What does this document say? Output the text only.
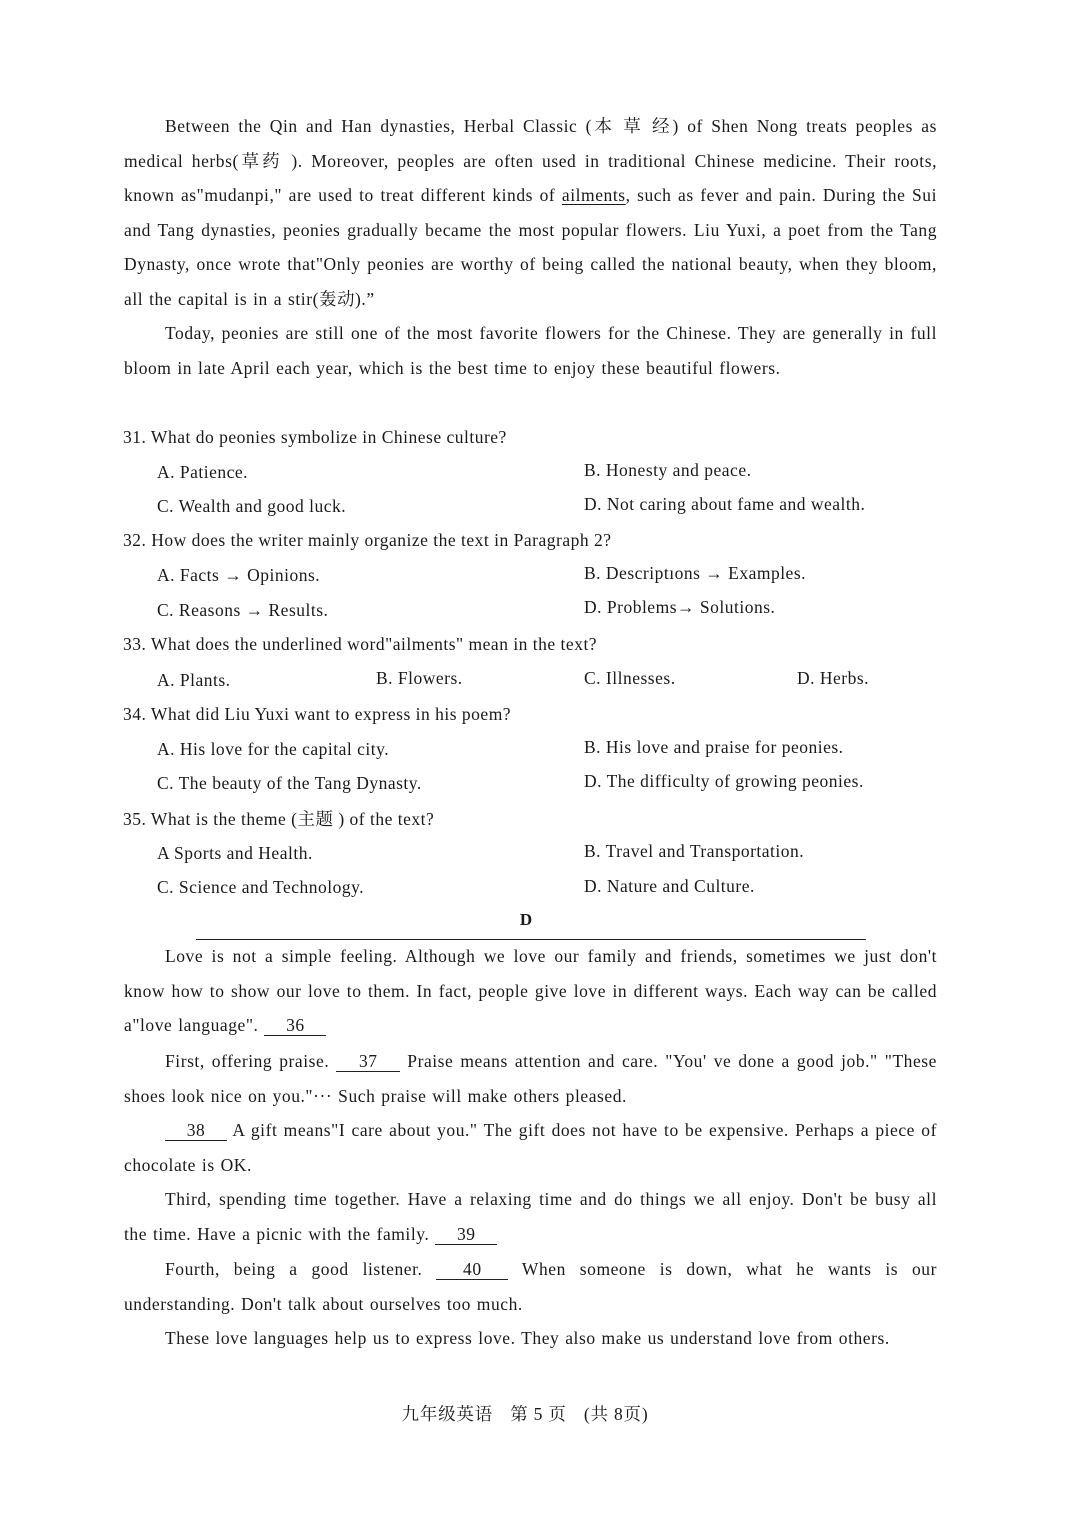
Between the Qin and Han dynasties, Herbal Classic (本 草 经) of Shen Nong treats peoples as medical herbs(草药 ). Moreover, peoples are often used in traditional Chinese medicine. Their roots, known as"mudanpi," are used to treat different kinds of ailments, such as fever and pain. During the Sui and Tang dynasties, peonies gradually became the most popular flowers. Liu Yuxi, a poet from the Tang Dynasty, once wrote that"Only peonies are worthy of being called the national beauty, when they bloom, all the capital is in a stir(轰动).”
Today, peonies are still one of the most favorite flowers for the Chinese. They are generally in full bloom in late April each year, which is the best time to enjoy these beautiful flowers.
31. What do peonies symbolize in Chinese culture?
A. Patience.	B. Honesty and peace.
C. Wealth and good luck.	D. Not caring about fame and wealth.
32. How does the writer mainly organize the text in Paragraph 2?
A. Facts → Opinions.	B. Descriptıons → Examples.
C. Reasons → Results.	D. Problems→ Solutions.
33. What does the underlined word"ailments" mean in the text?
A. Plants.	B. Flowers.	C. Illnesses.	D. Herbs.
34. What did Liu Yuxi want to express in his poem?
A. His love for the capital city.	B. His love and praise for peonies.
C. The beauty of the Tang Dynasty.	D. The difficulty of growing peonies.
35. What is the theme (主题 ) of the text?
A Sports and Health.	B. Travel and Transportation.
C. Science and Technology.	D. Nature and Culture.
D
Love is not a simple feeling. Although we love our family and friends, sometimes we just don't know how to show our love to them. In fact, people give love in different ways. Each way can be called a"love language". 36
First, offering praise. 37 Praise means attention and care. "You' ve done a good job." "These shoes look nice on you."··· Such praise will make others pleased.
38 A gift means"I care about you." The gift does not have to be expensive. Perhaps a piece of chocolate is OK.
Third, spending time together. Have a relaxing time and do things we all enjoy. Don't be busy all the time. Have a picnic with the family. 39
Fourth, being a good listener. 40 When someone is down, what he wants is our understanding. Don't talk about ourselves too much.
These love languages help us to express love. They also make us understand love from others.
九年级英语 第 5 页 (共 8页)
